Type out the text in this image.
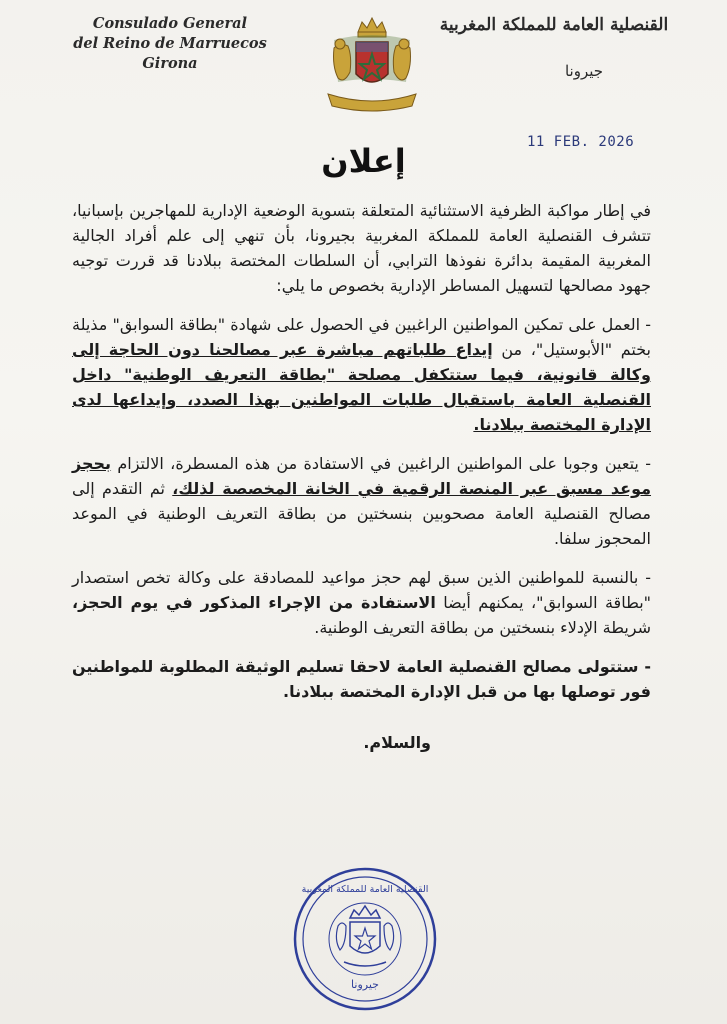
Consulado General
del Reino de Marruecos
Girona
القنصلية العامة للمملكة المغربية
جيرونا
11 FEB. 2026
إعلان

في إطار مواكبة الظرفية الاستثنائية المتعلقة بتسوية الوضعية الإدارية للمهاجرين بإسبانيا، تتشرف القنصلية العامة للمملكة المغربية بجيرونا، بأن تنهي إلى علم أفراد الجالية المغربية المقيمة بدائرة نفوذها الترابي، أن السلطات المختصة ببلادنا قد قررت توجيه جهود مصالحها لتسهيل المساطر الإدارية بخصوص ما يلي:

- العمل على تمكين المواطنين الراغبين في الحصول على شهادة "بطاقة السوابق" مذيلة بختم "الأبوستيل"، من إيداع طلباتهم مباشرة عبر مصالحنا دون الحاجة إلى وكالة قانونية، فيما ستتكفل مصلحة "بطاقة التعريف الوطنية" داخل القنصلية العامة باستقبال طلبات المواطنين بهذا الصدد، وإيداعها لدى الإدارة المختصة ببلادنا.

- يتعين وجوبا على المواطنين الراغبين في الاستفادة من هذه المسطرة، الالتزام بحجز موعد مسبق عبر المنصة الرقمية في الخانة المخصصة لذلك، ثم التقدم إلى مصالح القنصلية العامة مصحوبين بنسختين من بطاقة التعريف الوطنية في الموعد المحجوز سلفا.

- بالنسبة للمواطنين الذين سبق لهم حجز مواعيد للمصادقة على وكالة تخص استصدار "بطاقة السوابق"، يمكنهم أيضا الاستفادة من الإجراء المذكور في يوم الحجز، شريطة الإدلاء بنسختين من بطاقة التعريف الوطنية.

- ستتولى مصالح القنصلية العامة لاحقا تسليم الوثيقة المطلوبة للمواطنين فور توصلها بها من قبل الإدارة المختصة ببلادنا.

والسلام.

القنصلية العامة للمملكة المغربية
جيرونا
